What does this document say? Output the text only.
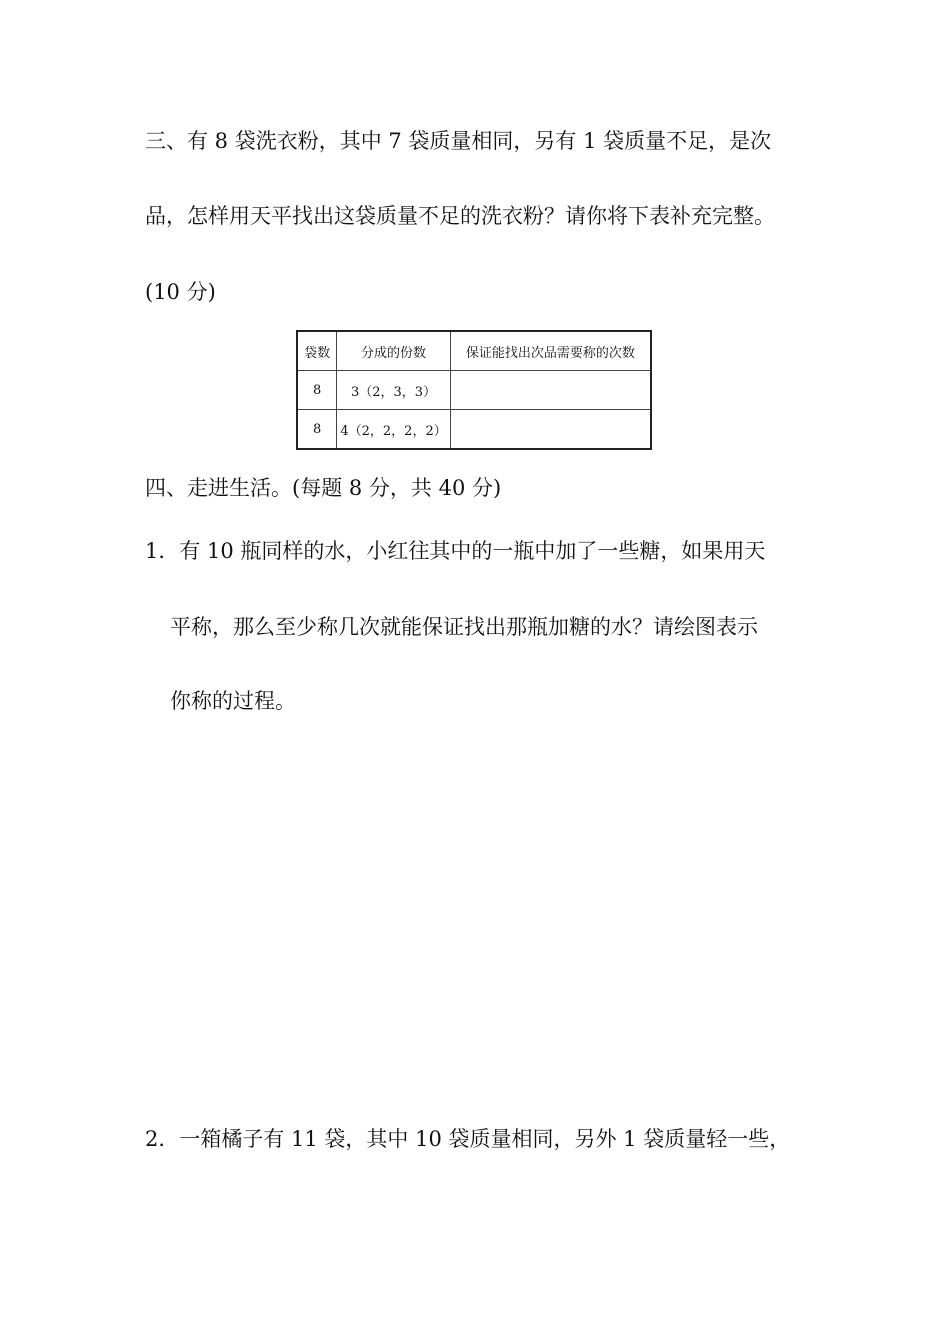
三、有 8 袋洗衣粉，其中 7 袋质量相同，另有 1 袋质量不足，是次

品，怎样用天平找出这袋质量不足的洗衣粉？请你将下表补充完整。

(10 分)

袋数	分成的份数	保证能找出次品需要称的次数
8	3（2，3，3）	
8	4（2，2，2，2）	

四、走进生活。(每题 8 分，共 40 分)

1．有 10 瓶同样的水，小红往其中的一瓶中加了一些糖，如果用天

平称，那么至少称几次就能保证找出那瓶加糖的水？请绘图表示

你称的过程。

2．一箱橘子有 11 袋，其中 10 袋质量相同，另外 1 袋质量轻一些，
